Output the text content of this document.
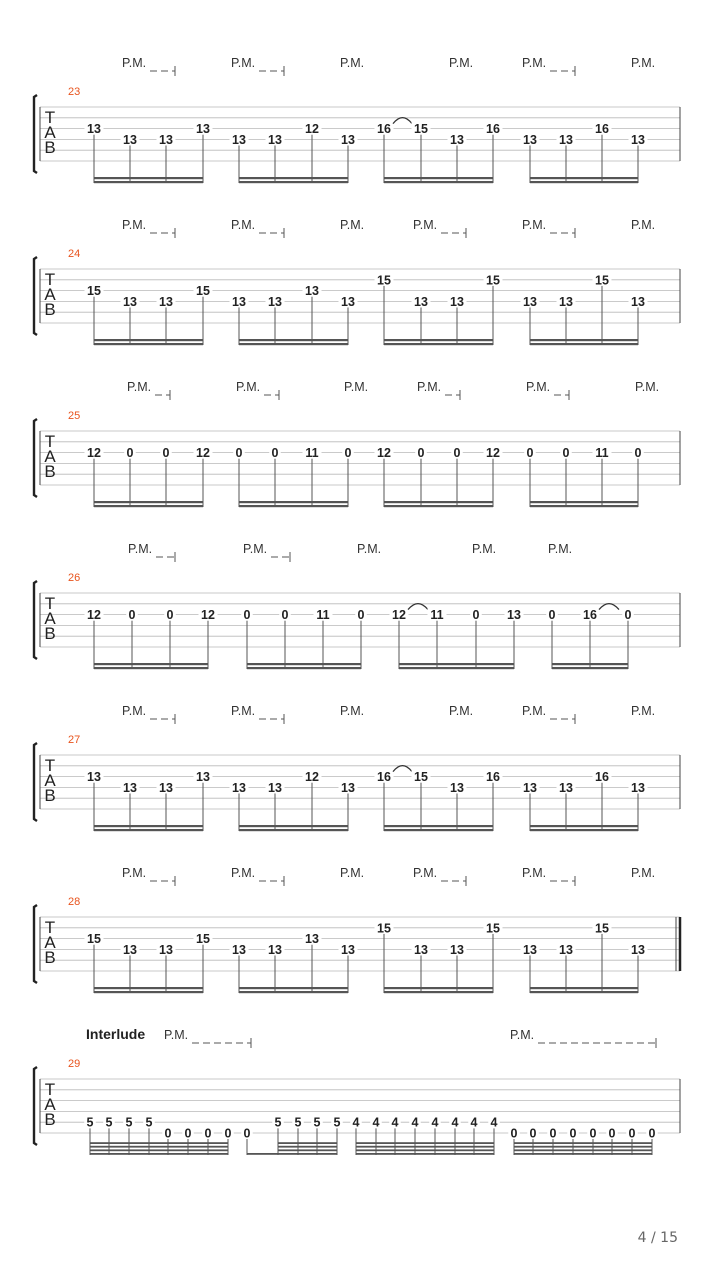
T
A
B
23
P.M.	P.M.	P.M.	P.M.	P.M.	P.M.
13
13 13
13
13 13
12
13
16 15
13
16
13 13
16
13
T
A
B
24
P.M.	P.M.	P.M.	P.M.	P.M.	P.M.
15
13 13
15
13 13
13
13
15
13 13
15
13 13
15
13
T
A
B
25
P.M.	P.M.	P.M.	P.M.	P.M.	P.M.
12 0 0 12 0 0 11 0 12 0 0 12 0 0 11 0
T
A
B
26
P.M.	P.M.	P.M.	P.M.	P.M.
12 0 0 12 0 0 11 0 12 11 0 13 0 16 0
T
A
B
27
P.M.	P.M.	P.M.	P.M.	P.M.	P.M.
13
13 13
13
13 13
12
13
16 15
13
16
13 13
16
13
T
A
B
28
P.M.	P.M.	P.M.	P.M.	P.M.	P.M.
15
13 13
15
13 13
13
13
15
13 13
15
13 13
15
13
T
A
B
29
Interlude P.M.	P.M.
5 5 5 5
0 0 0 0 0
5 5 5 5 4 4 4 4 4 4 4 4
0 0 0 0 0 0 0 0
4 / 15
